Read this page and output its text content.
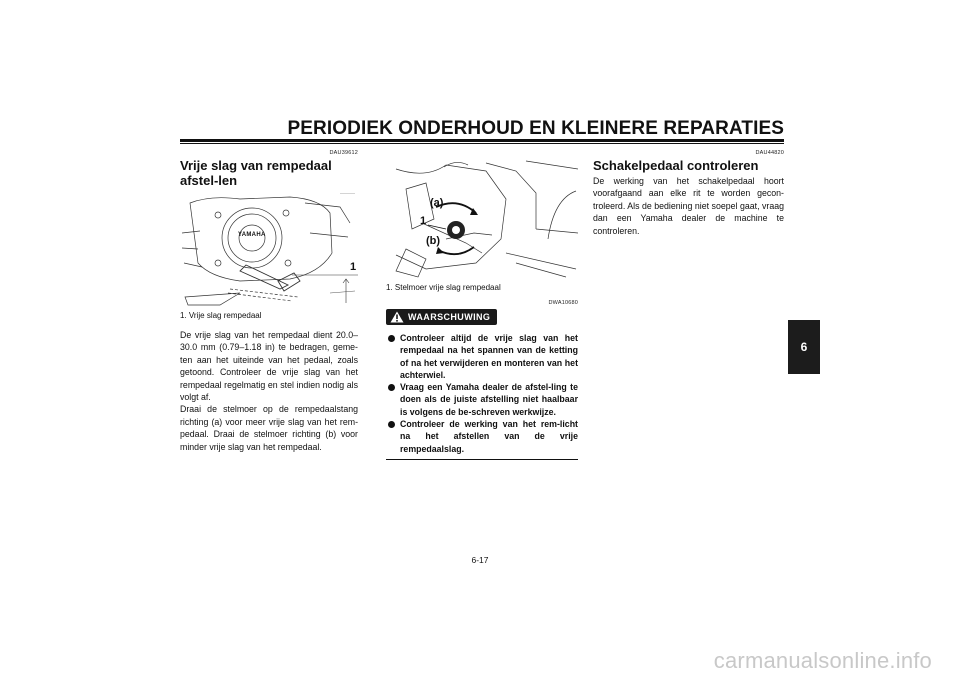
PERIODIEK ONDERHOUD EN KLEINERE REPARATIES
DAU39612
Vrije slag van rempedaal afstel-len
YAMAHA
1
1. Vrije slag rempedaal

De vrije slag van het rempedaal dient 20.0–30.0 mm (0.79–1.18 in) te bedragen, geme-ten aan het uiteinde van het pedaal, zoals getoond. Controleer de vrije slag van het rempedaal regelmatig en stel indien nodig als volgt af.

Draai de stelmoer op de rempedaalstang richting (a) voor meer vrije slag van het rem-pedaal. Draai de stelmoer richting (b) voor minder vrije slag van het rempedaal.

(a)
1
(b)
1. Stelmoer vrije slag rempedaal
DWA10680
WAARSCHUWING
Controleer altijd de vrije slag van het rempedaal na het spannen van de ketting of na het verwijderen en monteren van het achterwiel.
Vraag een Yamaha dealer de afstel-ling te doen als de juiste afstelling niet haalbaar is volgens de be-schreven werkwijze.
Controleer de werking van het rem-licht na het afstellen van de vrije rempedaalslag.
DAU44820
Schakelpedaal controleren

De werking van het schakelpedaal hoort voorafgaand aan elke rit te worden gecon-troleerd. Als de bediening niet soepel gaat, vraag dan een Yamaha dealer de machine te controleren.

6
6-17
carmanualsonline.info
